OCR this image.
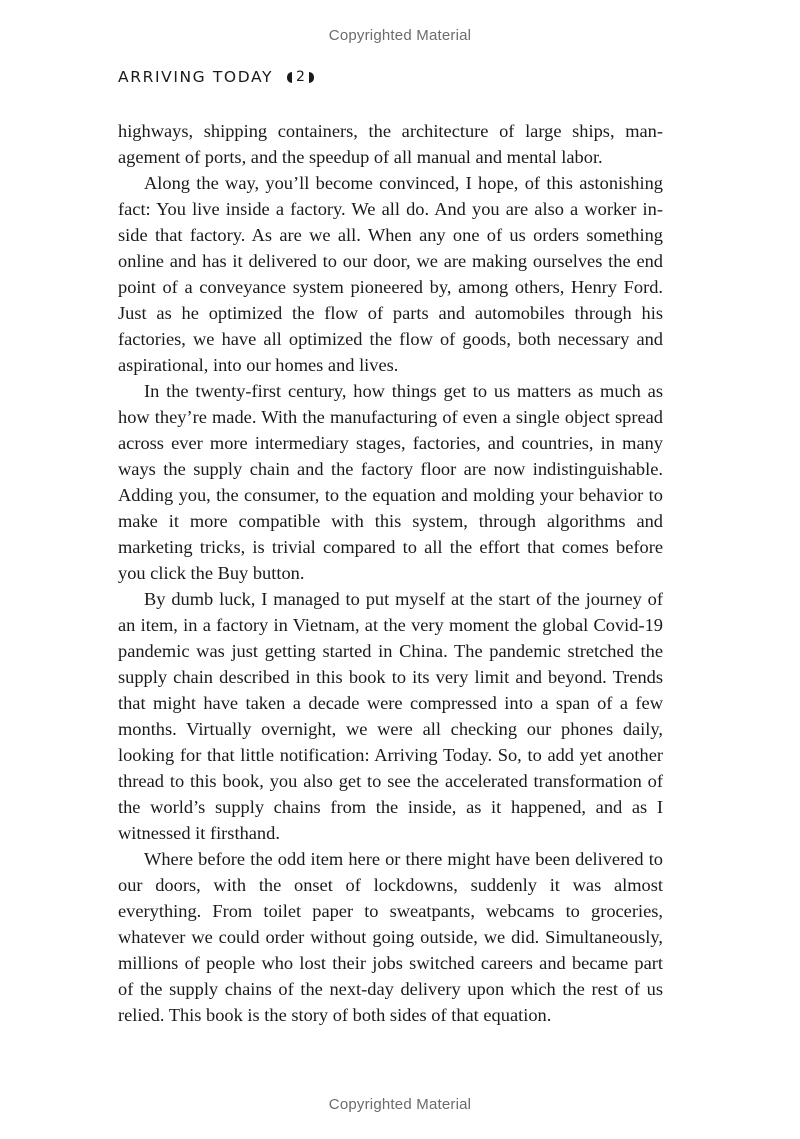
Copyrighted Material
ARRIVING TODAY 2

highways, shipping containers, the architecture of large ships, management of ports, and the speedup of all manual and mental labor.

Along the way, you’ll become convinced, I hope, of this astonishing fact: You live inside a factory. We all do. And you are also a worker inside that factory. As are we all. When any one of us orders something online and has it delivered to our door, we are making ourselves the end point of a conveyance system pioneered by, among others, Henry Ford. Just as he optimized the flow of parts and automobiles through his factories, we have all optimized the flow of goods, both necessary and aspirational, into our homes and lives.

In the twenty-first century, how things get to us matters as much as how they’re made. With the manufacturing of even a single object spread across ever more intermediary stages, factories, and countries, in many ways the supply chain and the factory floor are now indistinguishable. Adding you, the consumer, to the equation and molding your behavior to make it more compatible with this system, through algorithms and marketing tricks, is trivial compared to all the effort that comes before you click the Buy button.

By dumb luck, I managed to put myself at the start of the journey of an item, in a factory in Vietnam, at the very moment the global Covid-19 pandemic was just getting started in China. The pandemic stretched the supply chain described in this book to its very limit and beyond. Trends that might have taken a decade were compressed into a span of a few months. Virtually overnight, we were all checking our phones daily, looking for that little notification: Arriving Today. So, to add yet another thread to this book, you also get to see the accelerated transformation of the world’s supply chains from the inside, as it happened, and as I witnessed it firsthand.

Where before the odd item here or there might have been delivered to our doors, with the onset of lockdowns, suddenly it was almost everything. From toilet paper to sweatpants, webcams to groceries, whatever we could order without going outside, we did. Simultaneously, millions of people who lost their jobs switched careers and became part of the supply chains of the next-day delivery upon which the rest of us relied. This book is the story of both sides of that equation.

Copyrighted Material
